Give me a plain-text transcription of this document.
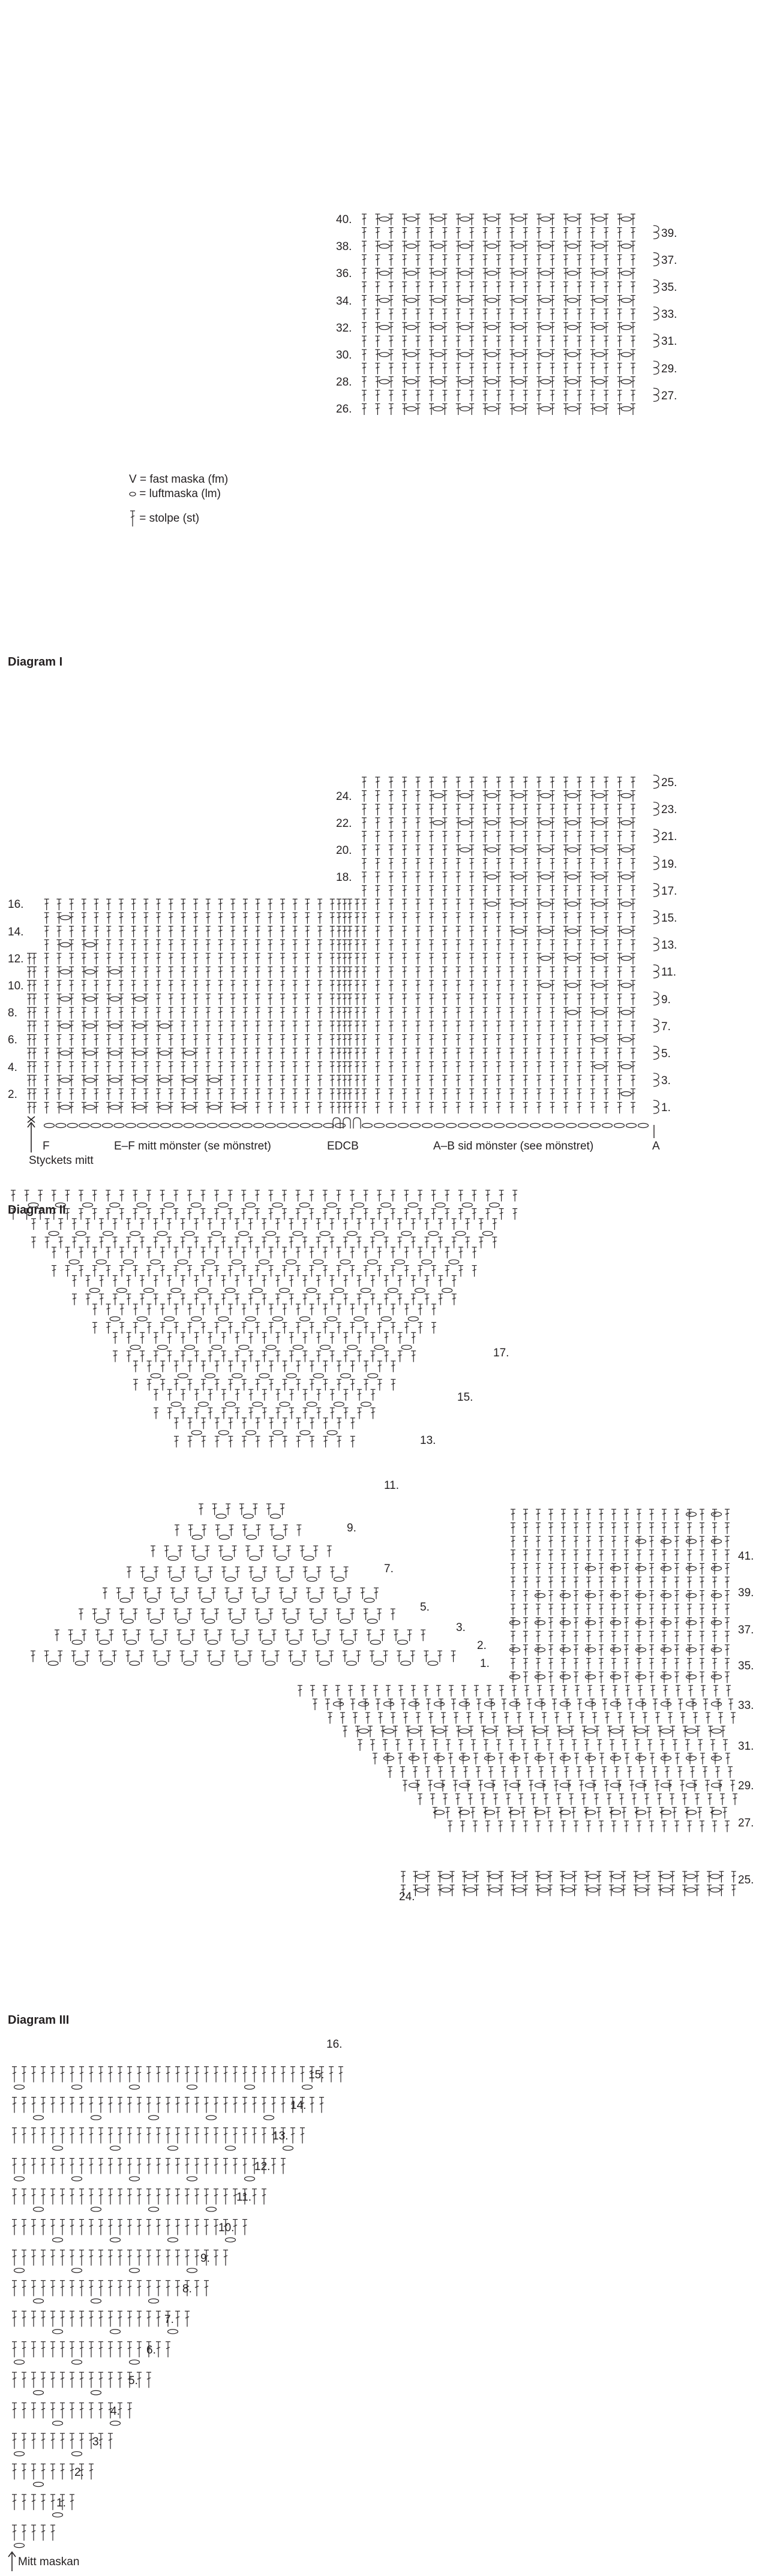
V = fast maska (fm)
= luftmaska (lm)
= stolpe (st)
Diagram I
2.
4.
6.
8.
10.
12.
14.
16.
1.
3.
5.
7.
9.
11.
13.
15.
17.
19.
21.
23.
25.
27.
29.
31.
33.
35.
37.
39.
18.
20.
22.
24.
26.
28.
30.
32.
34.
36.
38.
40.
F	E–F mitt mönster (se mönstret)	EDCB	A–B sid mönster (see mönstret)	A
Styckets mitt
Diagram II
1.
2.
3.
5.
7.
9.
11.
13.
15.
17.
24.
25.
27.
29.
31.
33.
35.
37.
39.
41.
Diagram III
1.
2.
3.
4.
5.
6.
7.
8.
9.
10.
11.
12.
13.
14.
15.
16.
Mitt maskan
